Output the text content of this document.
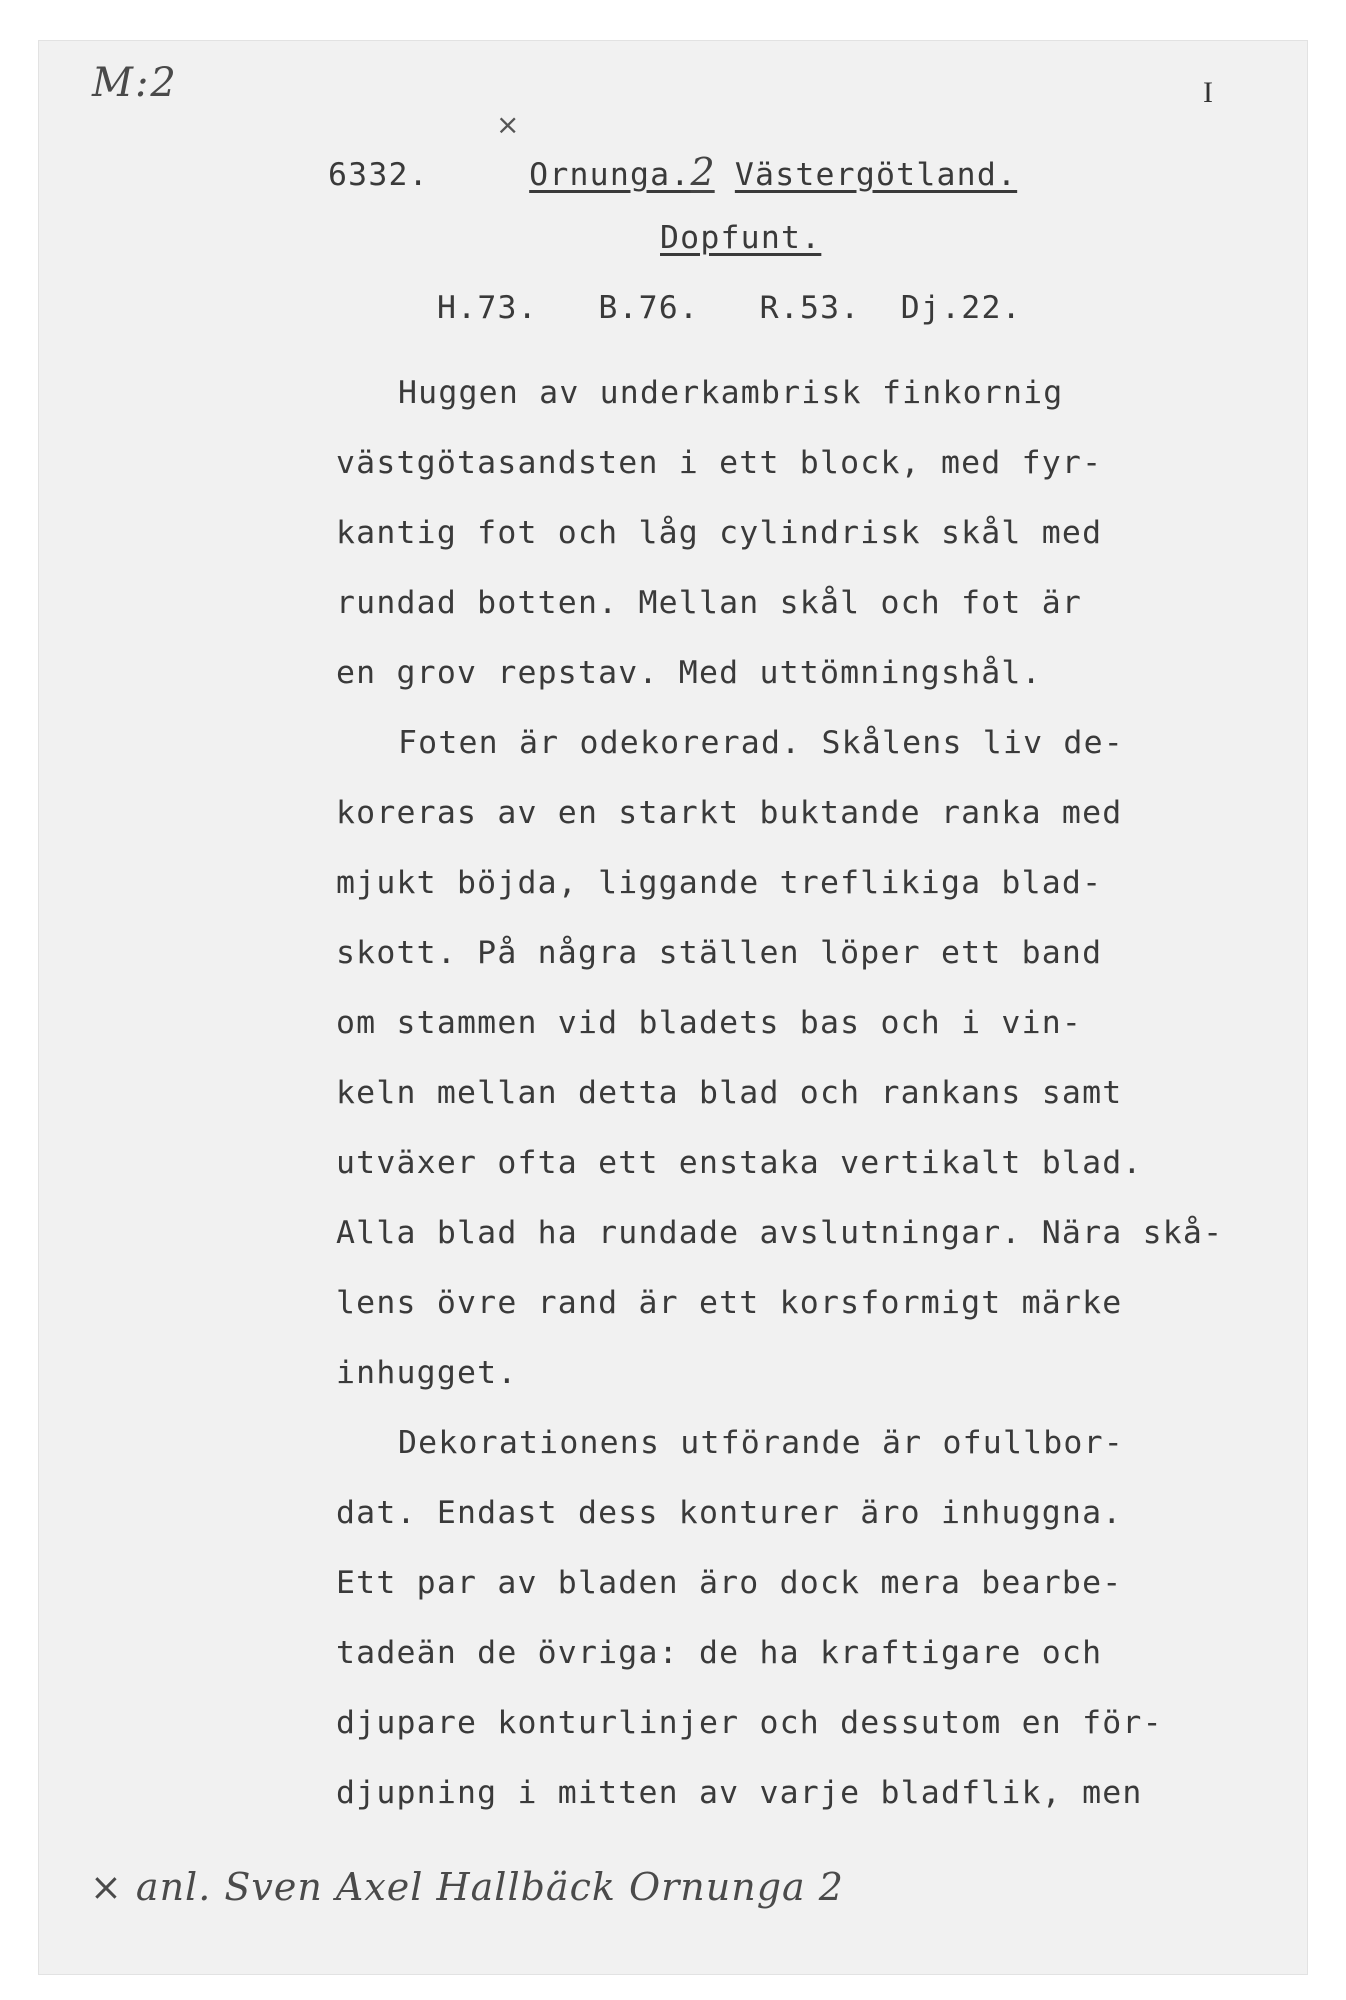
M:2	I
×
6332.	Ornunga.2 Västergötland.
Dopfunt.
H.73.   B.76.   R.53.  Dj.22.
Huggen av underkambrisk finkornig
västgötasandsten i ett block, med fyr-
kantig fot och låg cylindrisk skål med
rundad botten. Mellan skål och fot är
en grov repstav. Med uttömningshål.
Foten är odekorerad. Skålens liv de-
koreras av en starkt buktande ranka med
mjukt böjda, liggande treflikiga blad-
skott. På några ställen löper ett band
om stammen vid bladets bas och i vin-
keln mellan detta blad och rankans samt
utväxer ofta ett enstaka vertikalt blad.
Alla blad ha rundade avslutningar. Nära skå-
lens övre rand är ett korsformigt märke
inhugget.
Dekorationens utförande är ofullbor-
dat. Endast dess konturer äro inhuggna.
Ett par av bladen äro dock mera bearbe-
tadeän de övriga: de ha kraftigare och
djupare konturlinjer och dessutom en för-
djupning i mitten av varje bladflik, men
× anl. Sven Axel Hallbäck Ornunga 2
